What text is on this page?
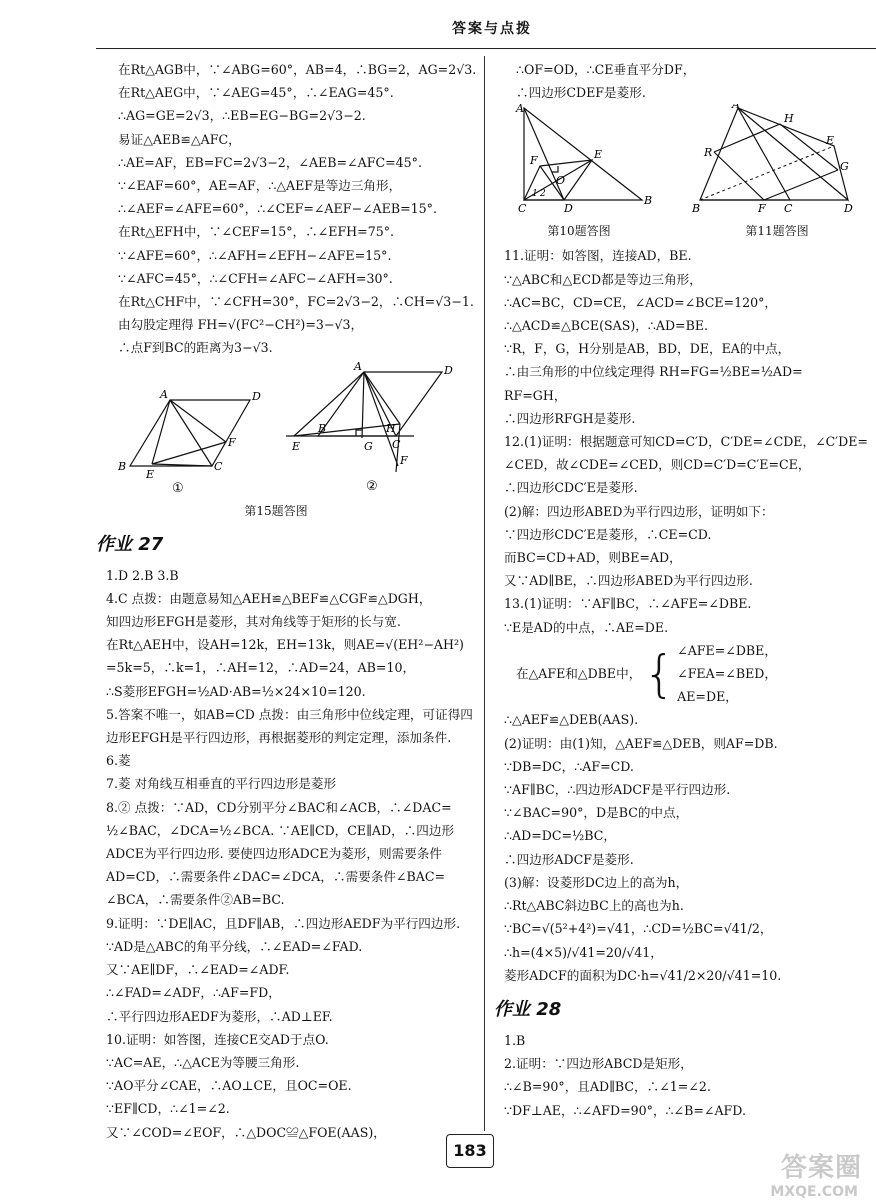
答案与点拨
在Rt△AGB中，∵∠ABG=60°，AB=4，∴BG=2，AG=2√3.
在Rt△AEG中，∵∠AEG=45°，∴∠EAG=45°.
∴AG=GE=2√3，∴EB=EG−BG=2√3−2.
易证△AEB≌△AFC，
∴AE=AF，EB=FC=2√3−2，∠AEB=∠AFC=45°.
∵∠EAF=60°，AE=AF，∴△AEF是等边三角形，
∴∠AEF=∠AFE=60°，∴∠CEF=∠AEF−∠AEB=15°.
在Rt△EFH中，∵∠CEF=15°，∴∠EFH=75°.
∵∠AFE=60°，∴∠AFH=∠EFH−∠AFE=15°.
∵∠AFC=45°，∴∠CFH=∠AFC−∠AFH=30°.
在Rt△CHF中，∵∠CFH=30°，FC=2√3−2，∴CH=√3−1.
由勾股定理得 FH=√(FC²−CH²)=3−√3，
∴点F到BC的距离为3−√3.
A	D
B
E
F
C
①
A	D
B
E	G C
H
F
②
第15题答图
作业 27
1.D 2.B 3.B
4.C 点拨：由题意易知△AEH≌△BEF≌△CGF≌△DGH，
知四边形EFGH是菱形，其对角线等于矩形的长与宽.
在Rt△AEH中，设AH=12k，EH=13k，则AE=√(EH²−AH²)
=5k=5，∴k=1，∴AH=12，∴AD=24，AB=10，
∴S菱形EFGH=½AD·AB=½×24×10=120.
5.答案不唯一，如AB=CD 点拨：由三角形中位线定理，可证得四
边形EFGH是平行四边形，再根据菱形的判定定理，添加条件.
6.菱
7.菱 对角线互相垂直的平行四边形是菱形
8.② 点拨：∵AD，CD分别平分∠BAC和∠ACB，∴∠DAC=
½∠BAC，∠DCA=½∠BCA. ∵AE∥CD，CE∥AD，∴四边形
ADCE为平行四边形. 要使四边形ADCE为菱形，则需要条件
AD=CD，∴需要条件∠DAC=∠DCA，∴需要条件∠BAC=
∠BCA，∴需要条件②AB=BC.
9.证明：∵DE∥AC，且DF∥AB，∴四边形AEDF为平行四边形.
∵AD是△ABC的角平分线，∴∠EAD=∠FAD.
又∵AE∥DF，∴∠EAD=∠ADF.
∴∠FAD=∠ADF，∴AF=FD，
∴平行四边形AEDF为菱形，∴AD⊥EF.
10.证明：如答图，连接CE交AD于点O.
∵AC=AE，∴△ACE为等腰三角形.
∵AO平分∠CAE，∴AO⊥CE，且OC=OE.
∵EF∥CD，∴∠1=∠2.
又∵∠COD=∠EOF，∴△DOC≌△FOE(AAS)，
∴OF=OD，∴CE垂直平分DF，
∴四边形CDEF是菱形.
A
E
F
O
C	D
B
1 2
A
H
R
E
G
B	F C	D
第10题答图	第11题答图
11.证明：如答图，连接AD，BE.
∵△ABC和△ECD都是等边三角形，
∴AC=BC，CD=CE，∠ACD=∠BCE=120°，
∴△ACD≌△BCE(SAS)，∴AD=BE.
∵R，F，G，H分别是AB，BD，DE，EA的中点，
∴由三角形的中位线定理得 RH=FG=½BE=½AD=
RF=GH，
∴四边形RFGH是菱形.
12.(1)证明：根据题意可知CD=C′D，C′DE=∠CDE，∠C′DE=
∠CED，故∠CDE=∠CED，则CD=C′D=C′E=CE，
∴四边形CDC′E是菱形.
(2)解：四边形ABED为平行四边形，证明如下：
∵四边形CDC′E是菱形，∴CE=CD.
而BC=CD+AD，则BE=AD，
又∵AD∥BE，∴四边形ABED为平行四边形.
13.(1)证明：∵AF∥BC，∴∠AFE=∠DBE.
∵E是AD的中点，∴AE=DE.
在△AFE和△DBE中， { ∠AFE=∠DBE，
∠FEA=∠BED，
AE=DE，
∴△AEF≌△DEB(AAS).
(2)证明：由(1)知，△AEF≌△DEB，则AF=DB.
∵DB=DC，∴AF=CD.
∵AF∥BC，∴四边形ADCF是平行四边形.
∵∠BAC=90°，D是BC的中点，
∴AD=DC=½BC，
∴四边形ADCF是菱形.
(3)解：设菱形DC边上的高为h，
∴Rt△ABC斜边BC上的高也为h.
∵BC=√(5²+4²)=√41，∴CD=½BC=√41/2，
∴h=(4×5)/√41=20/√41，
菱形ADCF的面积为DC·h=√41/2×20/√41=10.
作业 28
1.B
2.证明：∵四边形ABCD是矩形，
∴∠B=90°，且AD∥BC，∴∠1=∠2.
∵DF⊥AE，∴∠AFD=90°，∴∠B=∠AFD.
183
答案圈
MXQE.COM
